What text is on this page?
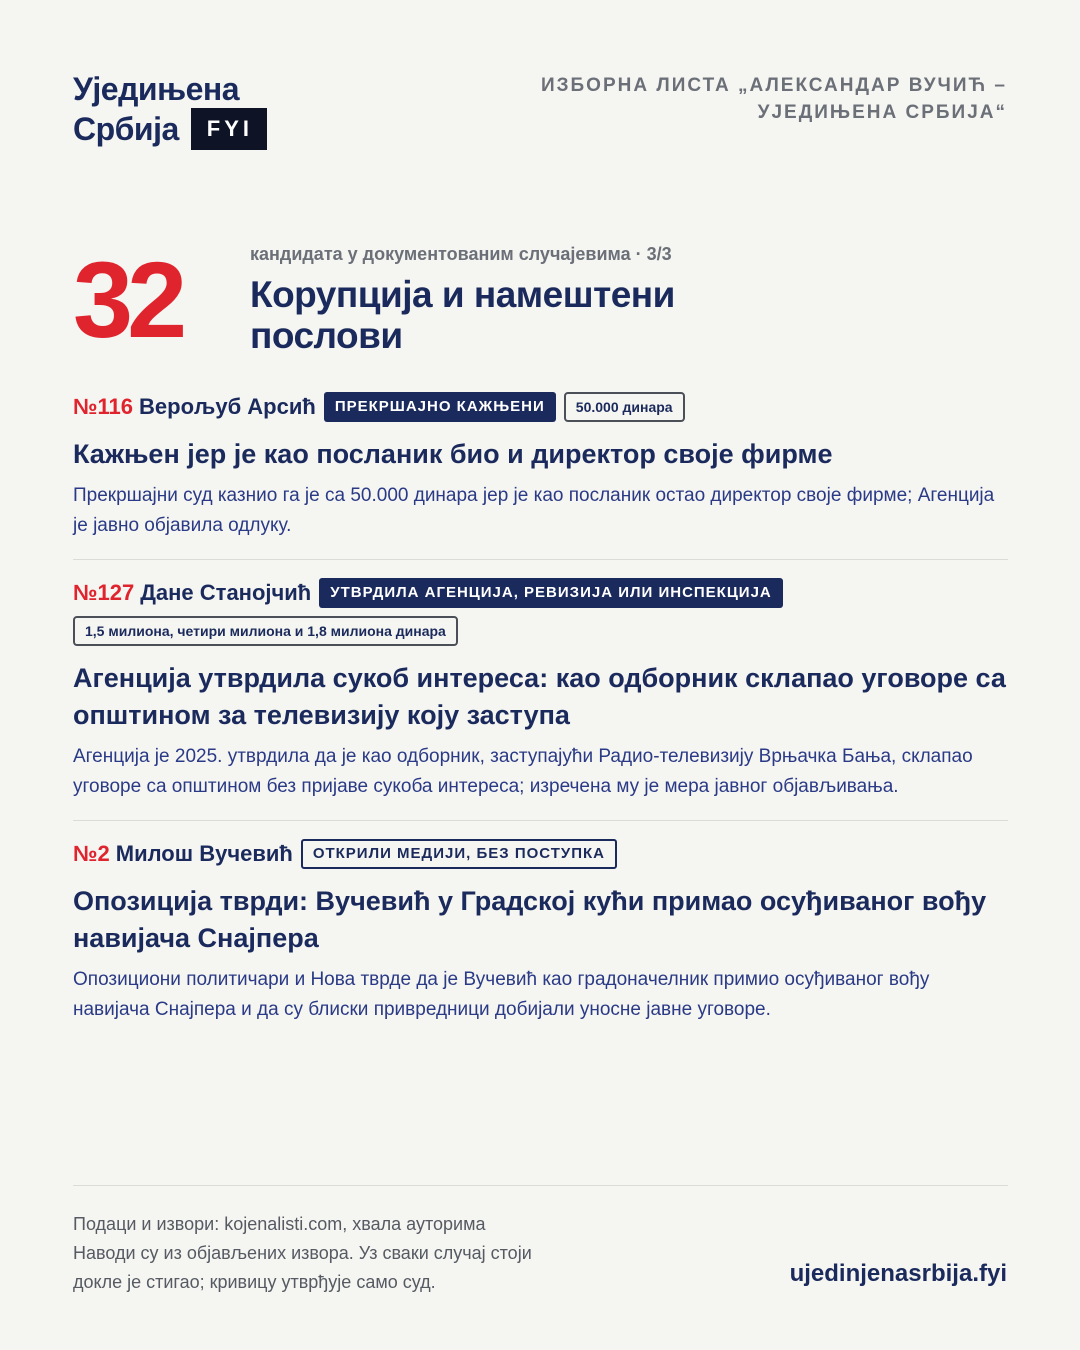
Уједињена
Србија	FYI
ИЗБОРНА ЛИСТА „АЛЕКСАНДАР ВУЧИЋ –
УЈЕДИЊЕНА СРБИЈА“
32	кандидата у документованим случајевима · 3/3
Корупција и намештени
послови
№116 Верољуб Арсић	ПРЕКРШАЈНО КАЖЊЕНИ	50.000 динара
Кажњен јер је као посланик био и директор своје фирме
Прекршајни суд казнио га је са 50.000 динара јер је као посланик остао директор своје фирме; Агенција је јавно објавила одлуку.
№127 Дане Станојчић	УТВРДИЛА АГЕНЦИЈА, РЕВИЗИЈА ИЛИ ИНСПЕКЦИЈА
1,5 милиона, четири милиона и 1,8 милиона динара
Агенција утврдила сукоб интереса: као одборник склапао уговоре са општином за телевизију коју заступа
Агенција је 2025. утврдила да је као одборник, заступајући Радио-телевизију Врњачка Бања, склапао уговоре са општином без пријаве сукоба интереса; изречена му је мера јавног објављивања.
№2 Милош Вучевић	ОТКРИЛИ МЕДИЈИ, БЕЗ ПОСТУПКА
Опозиција тврди: Вучевић у Градској кући примао осуђиваног вођу навијача Снајпера
Опозициони политичари и Нова тврде да је Вучевић као градоначелник примио осуђиваног вођу навијача Снајпера и да су блиски привредници добијали уносне јавне уговоре.
Подаци и извори: kojenalisti.com, хвала ауторима
Наводи су из објављених извора. Уз сваки случај стоји
докле је стигао; кривицу утврђује само суд.	ujedinjenasrbija.fyi
